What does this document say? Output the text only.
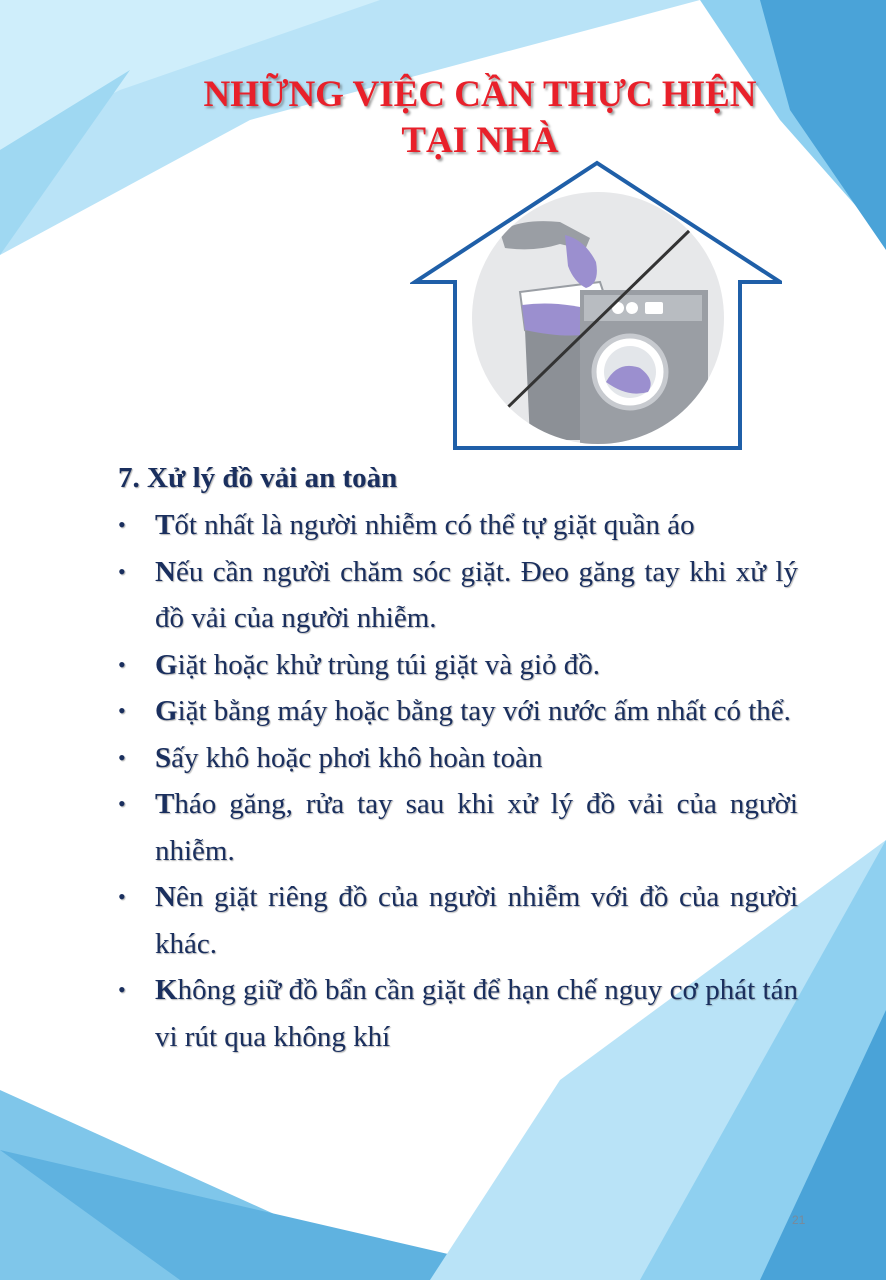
NHỮNG VIỆC CẦN THỰC HIỆN
TẠI NHÀ
7. Xử lý đồ vải an toàn
• Tốt nhất là người nhiễm có thể tự giặt quần áo
• Nếu cần người chăm sóc giặt. Đeo găng tay khi xử lý đồ vải của người nhiễm.
• Giặt hoặc khử trùng túi giặt và giỏ đồ.
• Giặt bằng máy hoặc bằng tay với nước ấm nhất có thể.
• Sấy khô hoặc phơi khô hoàn toàn
• Tháo găng, rửa tay sau khi xử lý đồ vải của người nhiễm.
• Nên giặt riêng đồ của người nhiễm với đồ của người khác.
• Không giữ đồ bẩn cần giặt để hạn chế nguy cơ phát tán vi rút qua không khí
21
